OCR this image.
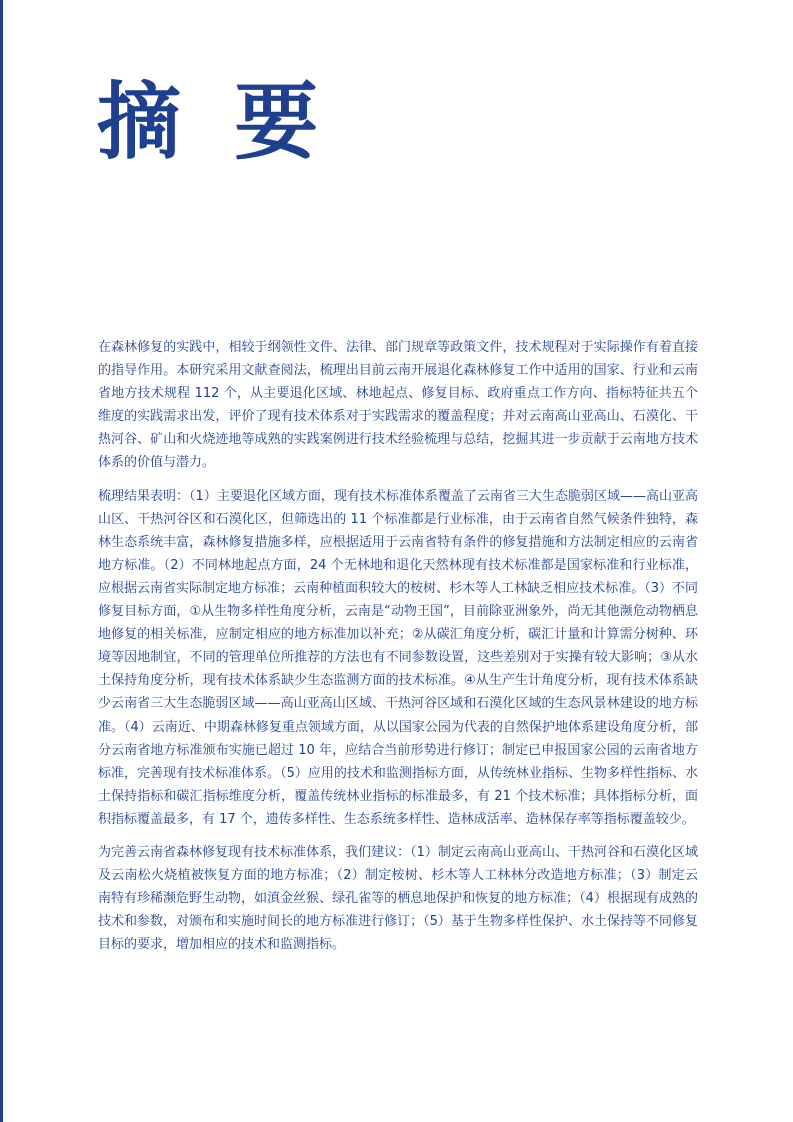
摘 要

在森林修复的实践中，相较于纲领性文件、法律、部门规章等政策文件，技术规程对于实际操作有着直接的指导作用。本研究采用文献查阅法，梳理出目前云南开展退化森林修复工作中适用的国家、行业和云南省地方技术规程 112 个，从主要退化区域、林地起点、修复目标、政府重点工作方向、指标特征共五个维度的实践需求出发，评价了现有技术体系对于实践需求的覆盖程度；并对云南高山亚高山、石漠化、干热河谷、矿山和火烧迹地等成熟的实践案例进行技术经验梳理与总结，挖掘其进一步贡献于云南地方技术体系的价值与潜力。

梳理结果表明：（1）主要退化区域方面，现有技术标准体系覆盖了云南省三大生态脆弱区域——高山亚高山区、干热河谷区和石漠化区，但筛选出的 11 个标准都是行业标准，由于云南省自然气候条件独特，森林生态系统丰富，森林修复措施多样，应根据适用于云南省特有条件的修复措施和方法制定相应的云南省地方标准。（2）不同林地起点方面，24 个无林地和退化天然林现有技术标准都是国家标准和行业标准，应根据云南省实际制定地方标准；云南种植面积较大的桉树、杉木等人工林缺乏相应技术标准。（3）不同修复目标方面，①从生物多样性角度分析，云南是“动物王国”，目前除亚洲象外，尚无其他濒危动物栖息地修复的相关标准，应制定相应的地方标准加以补充；②从碳汇角度分析，碳汇计量和计算需分树种、环境等因地制宜，不同的管理单位所推荐的方法也有不同参数设置，这些差别对于实操有较大影响；③从水土保持角度分析，现有技术体系缺少生态监测方面的技术标准。④从生产生计角度分析，现有技术体系缺少云南省三大生态脆弱区域——高山亚高山区域、干热河谷区域和石漠化区域的生态风景林建设的地方标准。（4）云南近、中期森林修复重点领域方面，从以国家公园为代表的自然保护地体系建设角度分析，部分云南省地方标准颁布实施已超过 10 年，应结合当前形势进行修订；制定已申报国家公园的云南省地方标准，完善现有技术标准体系。（5）应用的技术和监测指标方面，从传统林业指标、生物多样性指标、水土保持指标和碳汇指标维度分析，覆盖传统林业指标的标准最多，有 21 个技术标准；具体指标分析，面积指标覆盖最多，有 17 个，遗传多样性、生态系统多样性、造林成活率、造林保存率等指标覆盖较少。

为完善云南省森林修复现有技术标准体系，我们建议：（1）制定云南高山亚高山、干热河谷和石漠化区域及云南松火烧植被恢复方面的地方标准；（2）制定桉树、杉木等人工林林分改造地方标准；（3）制定云南特有珍稀濒危野生动物，如滇金丝猴、绿孔雀等的栖息地保护和恢复的地方标准；（4）根据现有成熟的技术和参数，对颁布和实施时间长的地方标准进行修订；（5）基于生物多样性保护、水土保持等不同修复目标的要求，增加相应的技术和监测指标。
